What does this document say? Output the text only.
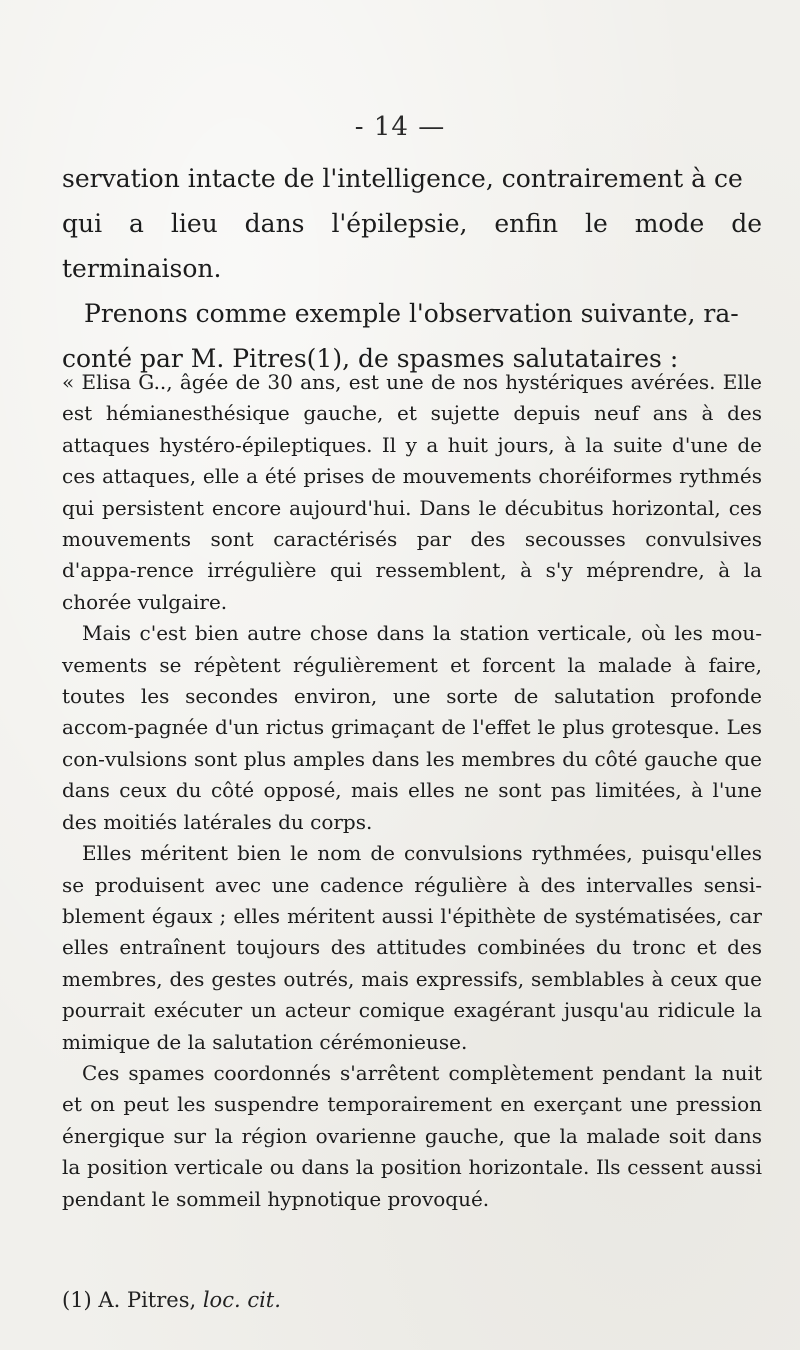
- 14 —

servation intacte de l'intelligence, contrairement à ce

qui a lieu dans l'épilepsie, enfin le mode de terminaison.

Prenons comme exemple l'observation suivante, ra-

conté par M. Pitres(1), de spasmes salutataires :

« Elisa G.., âgée de 30 ans, est une de nos hystériques avérées. Elle est hémianesthésique gauche, et sujette depuis neuf ans à des attaques hystéro-épileptiques. Il y a huit jours, à la suite d'une de ces attaques, elle a été prises de mouvements choréiformes rythmés qui persistent encore aujourd'hui. Dans le décubitus horizontal, ces mouvements sont caractérisés par des secousses convulsives d'appa-rence irrégulière qui ressemblent, à s'y méprendre, à la chorée vulgaire.

Mais c'est bien autre chose dans la station verticale, où les mou-vements se répètent régulièrement et forcent la malade à faire, toutes les secondes environ, une sorte de salutation profonde accom-pagnée d'un rictus grimaçant de l'effet le plus grotesque. Les con-vulsions sont plus amples dans les membres du côté gauche que dans ceux du côté opposé, mais elles ne sont pas limitées, à l'une des moitiés latérales du corps.

Elles méritent bien le nom de convulsions rythmées, puisqu'elles se produisent avec une cadence régulière à des intervalles sensi-blement égaux ; elles méritent aussi l'épithète de systématisées, car elles entraînent toujours des attitudes combinées du tronc et des membres, des gestes outrés, mais expressifs, semblables à ceux que pourrait exécuter un acteur comique exagérant jusqu'au ridicule la mimique de la salutation cérémonieuse.

Ces spames coordonnés s'arrêtent complètement pendant la nuit et on peut les suspendre temporairement en exerçant une pression énergique sur la région ovarienne gauche, que la malade soit dans la position verticale ou dans la position horizontale. Ils cessent aussi pendant le sommeil hypnotique provoqué.

(1) A. Pitres, loc. cit.
